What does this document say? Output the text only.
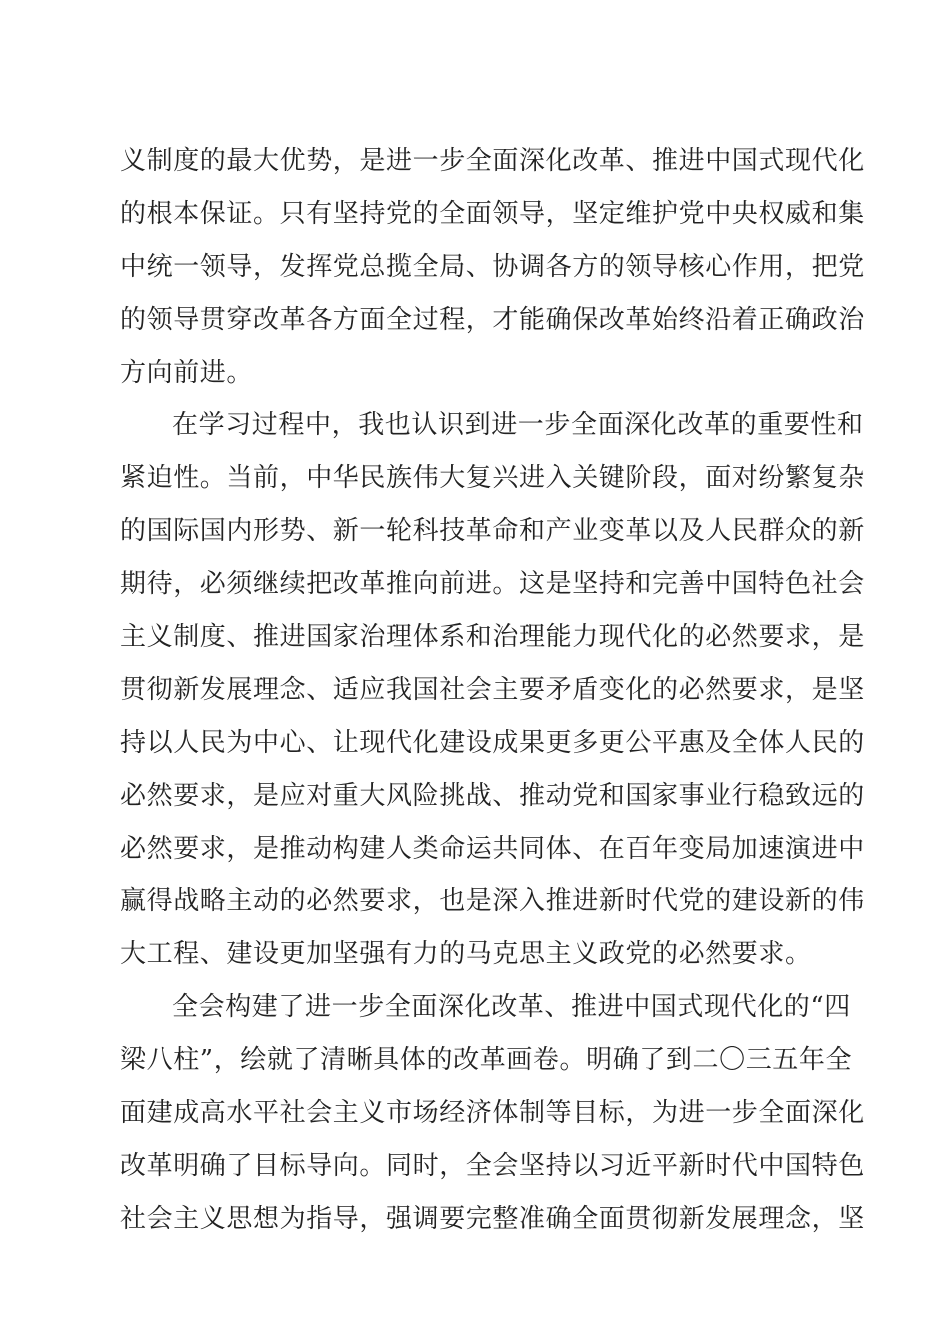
义制度的最大优势，是进一步全面深化改革、推进中国式现代化
的根本保证。只有坚持党的全面领导，坚定维护党中央权威和集
中统一领导，发挥党总揽全局、协调各方的领导核心作用，把党
的领导贯穿改革各方面全过程，才能确保改革始终沿着正确政治
方向前进。
在学习过程中，我也认识到进一步全面深化改革的重要性和
紧迫性。当前，中华民族伟大复兴进入关键阶段，面对纷繁复杂
的国际国内形势、新一轮科技革命和产业变革以及人民群众的新
期待，必须继续把改革推向前进。这是坚持和完善中国特色社会
主义制度、推进国家治理体系和治理能力现代化的必然要求，是
贯彻新发展理念、适应我国社会主要矛盾变化的必然要求，是坚
持以人民为中心、让现代化建设成果更多更公平惠及全体人民的
必然要求，是应对重大风险挑战、推动党和国家事业行稳致远的
必然要求，是推动构建人类命运共同体、在百年变局加速演进中
赢得战略主动的必然要求，也是深入推进新时代党的建设新的伟
大工程、建设更加坚强有力的马克思主义政党的必然要求。
全会构建了进一步全面深化改革、推进中国式现代化的“四
梁八柱”，绘就了清晰具体的改革画卷。明确了到二〇三五年全
面建成高水平社会主义市场经济体制等目标，为进一步全面深化
改革明确了目标导向。同时，全会坚持以习近平新时代中国特色
社会主义思想为指导，强调要完整准确全面贯彻新发展理念，坚
